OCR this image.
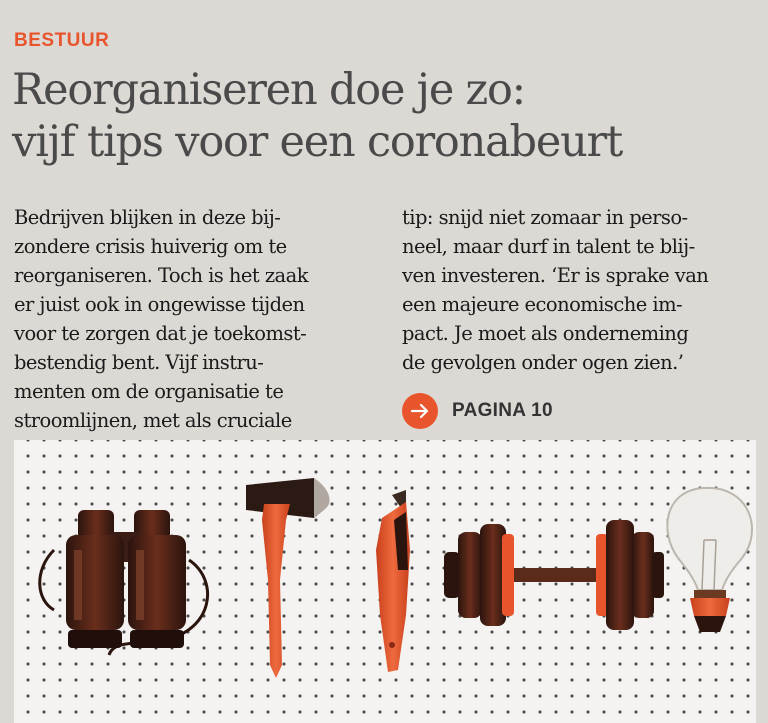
BESTUUR
Reorganiseren doe je zo:
vijf tips voor een coronabeurt
Bedrijven blijken in deze bij-
zondere crisis huiverig om te
reorganiseren. Toch is het zaak
er juist ook in ongewisse tijden
voor te zorgen dat je toekomst-
bestendig bent. Vijf instru-
menten om de organisatie te
stroomlijnen, met als cruciale
tip: snijd niet zomaar in perso-
neel, maar durf in talent te blij-
ven investeren. ‘Er is sprake van
een majeure economische im-
pact. Je moet als onderneming
de gevolgen onder ogen zien.’
PAGINA 10
